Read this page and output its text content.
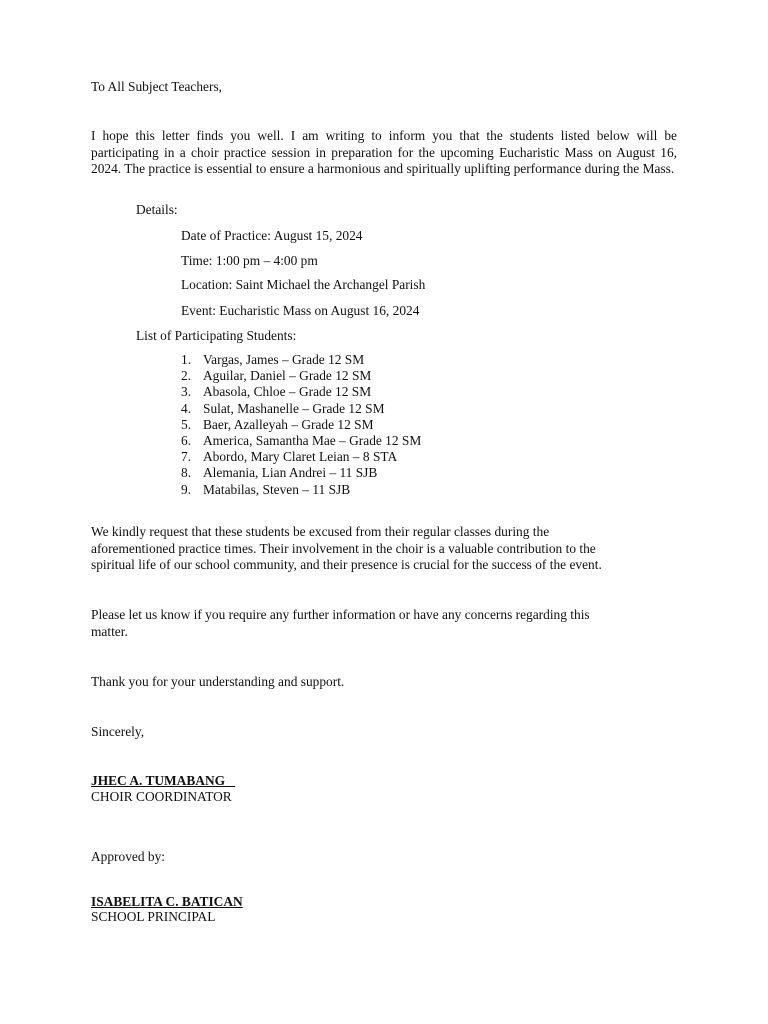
To All Subject Teachers,
I hope this letter finds you well. I am writing to inform you that the students listed below will be participating in a choir practice session in preparation for the upcoming Eucharistic Mass on August 16, 2024. The practice is essential to ensure a harmonious and spiritually uplifting performance during the Mass.
Details:
Date of Practice: August 15, 2024
Time: 1:00 pm – 4:00 pm
Location: Saint Michael the Archangel Parish
Event: Eucharistic Mass on August 16, 2024
List of Participating Students:
1. Vargas, James – Grade 12 SM
2. Aguilar, Daniel – Grade 12 SM
3. Abasola, Chloe – Grade 12 SM
4. Sulat, Mashanelle – Grade 12 SM
5. Baer, Azalleyah – Grade 12 SM
6. America, Samantha Mae – Grade 12 SM
7. Abordo, Mary Claret Leian – 8 STA
8. Alemania, Lian Andrei – 11 SJB
9. Matabilas, Steven – 11 SJB
We kindly request that these students be excused from their regular classes during the
aforementioned practice times. Their involvement in the choir is a valuable contribution to the
spiritual life of our school community, and their presence is crucial for the success of the event.
Please let us know if you require any further information or have any concerns regarding this
matter.
Thank you for your understanding and support.
Sincerely,
JHEC A. TUMABANG
CHOIR COORDINATOR
Approved by:
ISABELITA C. BATICAN
SCHOOL PRINCIPAL
